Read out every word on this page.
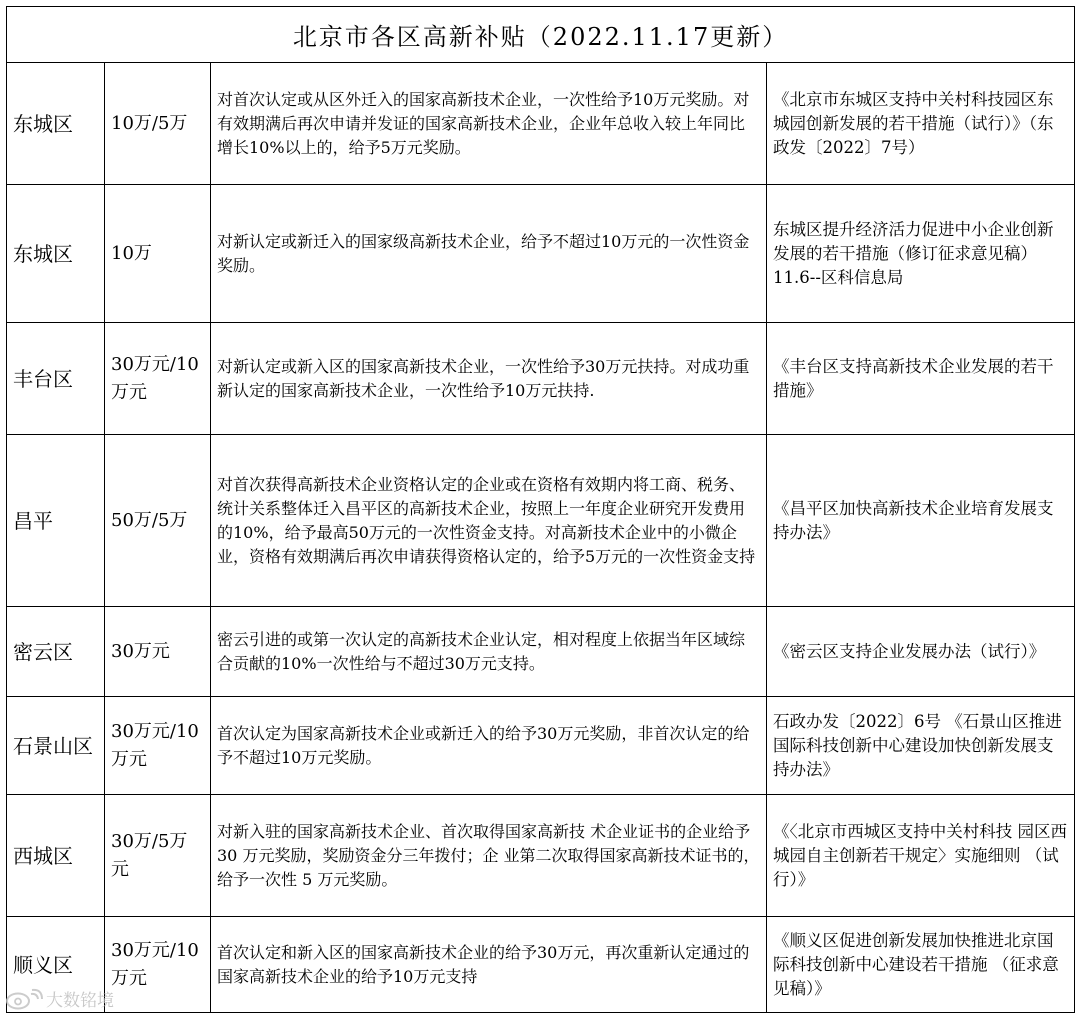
北京市各区高新补贴（2022.11.17更新）			
东城区	10万/5万	对首次认定或从区外迁入的国家高新技术企业，一次性给予10万元奖励。对有效期满后再次申请并发证的国家高新技术企业，企业年总收入较上年同比增长10%以上的，给予5万元奖励。	《北京市东城区支持中关村科技园区东城园创新发展的若干措施（试行）》（东政发〔2022〕7号）
东城区	10万	对新认定或新迁入的国家级高新技术企业，给予不超过10万元的一次性资金奖励。	东城区提升经济活力促进中小企业创新发展的若干措施（修订征求意见稿）11.6--区科信息局
丰台区	30万元/10万元	对新认定或新入区的国家高新技术企业，一次性给予30万元扶持。对成功重新认定的国家高新技术企业，一次性给予10万元扶持.	《丰台区支持高新技术企业发展的若干措施》
昌平	50万/5万	对首次获得高新技术企业资格认定的企业或在资格有效期内将工商、税务、统计关系整体迁入昌平区的高新技术企业，按照上一年度企业研究开发费用的10%，给予最高50万元的一次性资金支持。对高新技术企业中的小微企业，资格有效期满后再次申请获得资格认定的，给予5万元的一次性资金支持	《昌平区加快高新技术企业培育发展支持办法》
密云区	30万元	密云引进的或第一次认定的高新技术企业认定，相对程度上依据当年区域综合贡献的10%一次性给与不超过30万元支持。	《密云区支持企业发展办法（试行）》
石景山区	30万元/10万元	首次认定为国家高新技术企业或新迁入的给予30万元奖励，非首次认定的给予不超过10万元奖励。	石政办发〔2022〕6号 《石景山区推进国际科技创新中心建设加快创新发展支持办法》
西城区	30万/5万元	对新入驻的国家高新技术企业、首次取得国家高新技 术企业证书的企业给予 30 万元奖励，奖励资金分三年拨付；企 业第二次取得国家高新技术证书的，给予一次性 5 万元奖励。	《〈北京市西城区支持中关村科技 园区西城园自主创新若干规定〉实施细则 （试行）》
顺义区	30万元/10万元	首次认定和新入区的国家高新技术企业的给予30万元，再次重新认定通过的国家高新技术企业的给予10万元支持	《顺义区促进创新发展加快推进北京国际科技创新中心建设若干措施 （征求意见稿）》
大数铭境
